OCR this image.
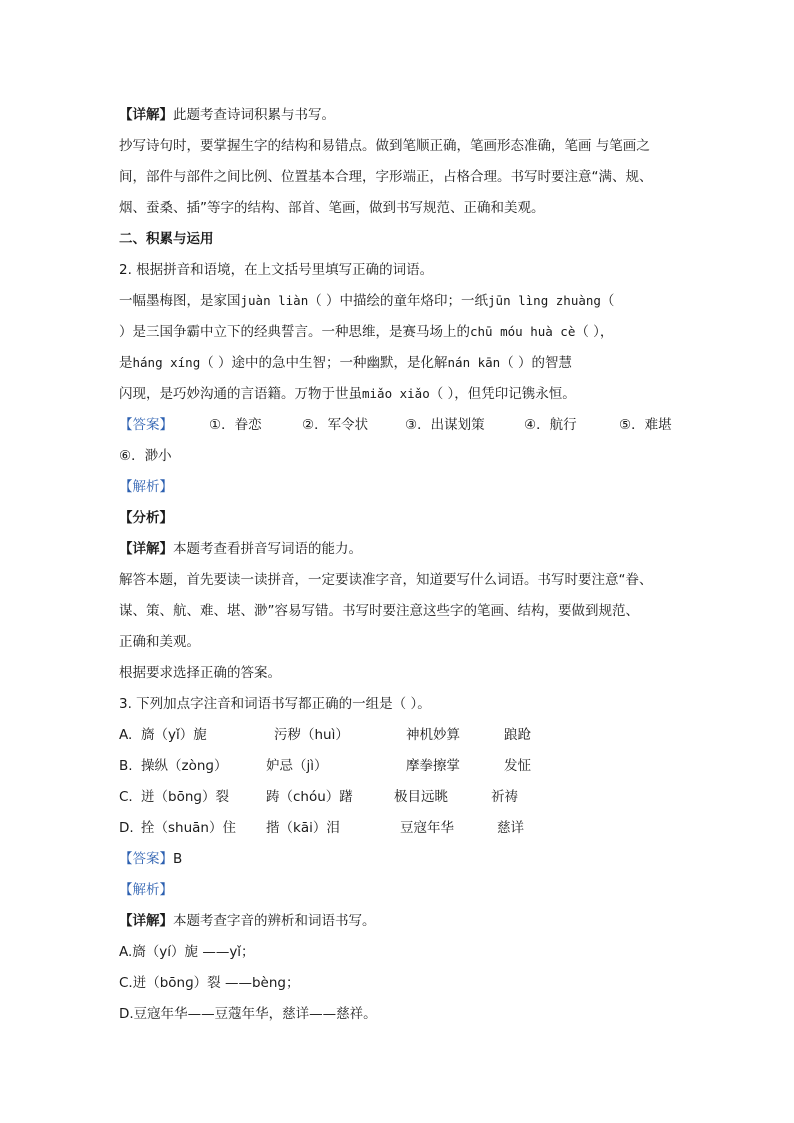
【详解】此题考查诗词积累与书写。
抄写诗句时，要掌握生字的结构和易错点。做到笔顺正确，笔画形态准确，笔画 与笔画之
间，部件与部件之间比例、位置基本合理，字形端正，占格合理。书写时要注意“满、规、
烟、蚕桑、插”等字的结构、部首、笔画，做到书写规范、正确和美观。
二、积累与运用
2. 根据拼音和语境，在上文括号里填写正确的词语。
一幅墨梅图，是家国juàn liàn（ ）中描绘的童年烙印；一纸jūn lìng zhuàng（
）是三国争霸中立下的经典誓言。一种思维，是赛马场上的chū móu huà cè（ ），
是háng xíng（ ）途中的急中生智；一种幽默，是化解nán kān（ ）的智慧
闪现，是巧妙沟通的言语籍。万物于世虽miǎo xiǎo（ ），但凭印记镌永恒。
【答案】	①．眷恋	②．军令状	③．出谋划策	④．航行	⑤．难堪
⑥．渺小
【解析】
【分析】
【详解】本题考查看拼音写词语的能力。
解答本题，首先要读一读拼音，一定要读准字音，知道要写什么词语。书写时要注意“眷、
谋、策、航、难、堪、渺”容易写错。书写时要注意这些字的笔画、结构，要做到规范、
正确和美观。
根据要求选择正确的答案。
3. 下列加点字注音和词语书写都正确的一组是（ ）。
A. 旖（yǐ）旎	污秽（huì）	神机妙算	踉跄
B. 操纵（zònɡ）	妒忌（jì）	摩拳擦掌	发怔
C. 迸（bōnɡ）裂	踌（chóu）躇	极目远眺	祈祷
D. 拴（shuān）住 揩（kāi）泪	豆寇年华	慈详
【答案】B
【解析】
【详解】本题考查字音的辨析和词语书写。
A.旖（yí）旎 ——yǐ；
C.迸（bōnɡ）裂 ——bèng；
D.豆寇年华——豆蔻年华，慈详——慈祥。
